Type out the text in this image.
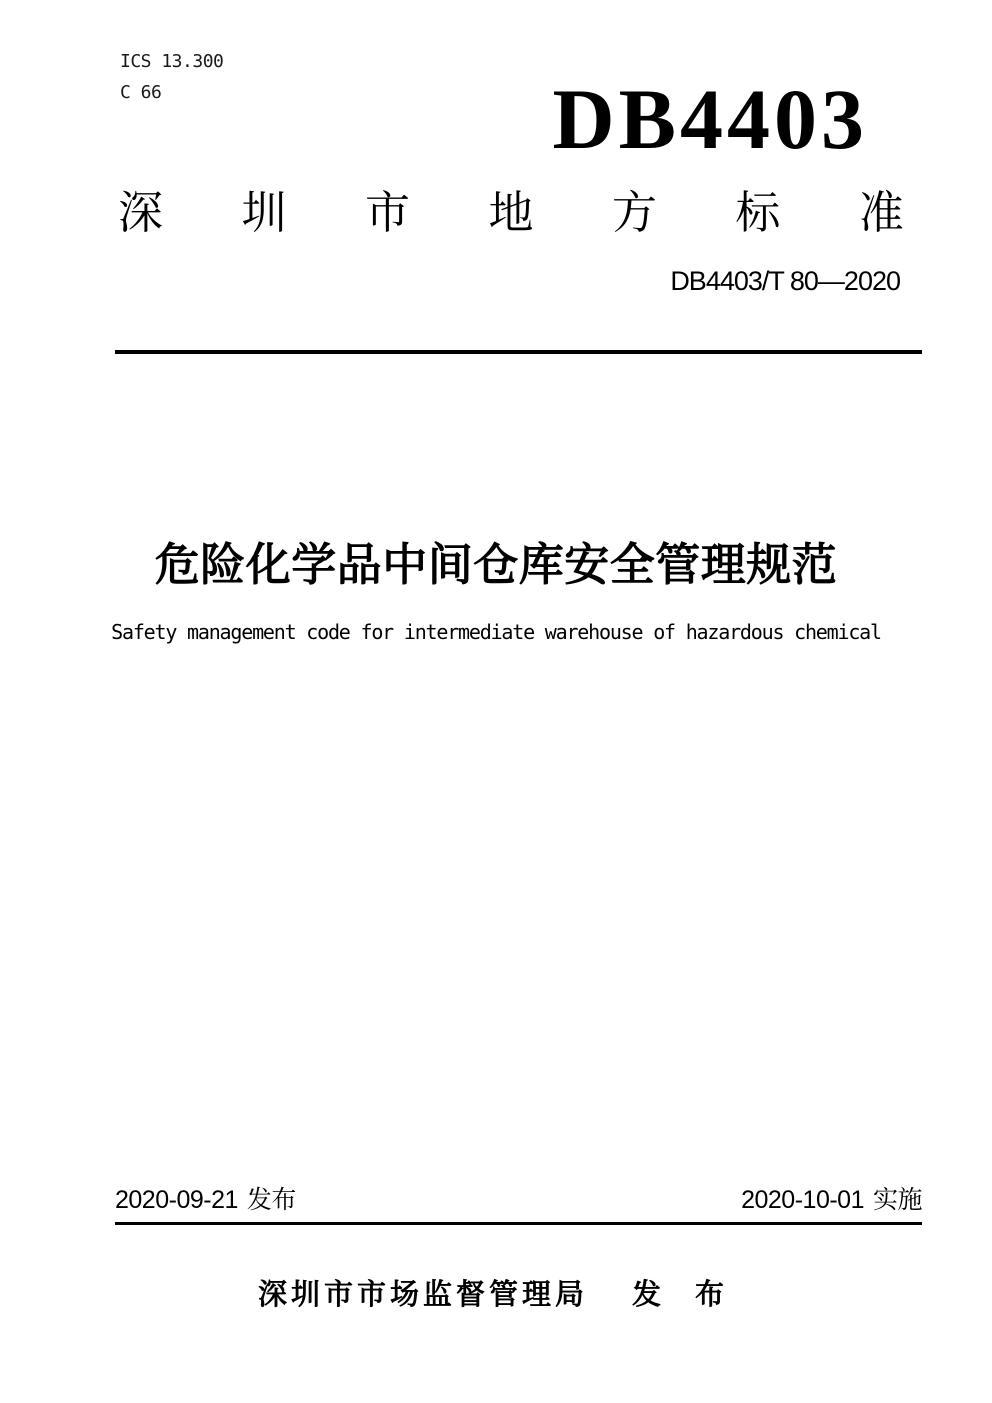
ICS 13.300
C 66	DB4403
深 圳 市 地 方 标 准
DB4403/T 80—2020
危险化学品中间仓库安全管理规范
Safety management code for intermediate warehouse of hazardous chemical
2020-09-21 发布	2020-10-01 实施
深圳市市场监督管理局 发 布
